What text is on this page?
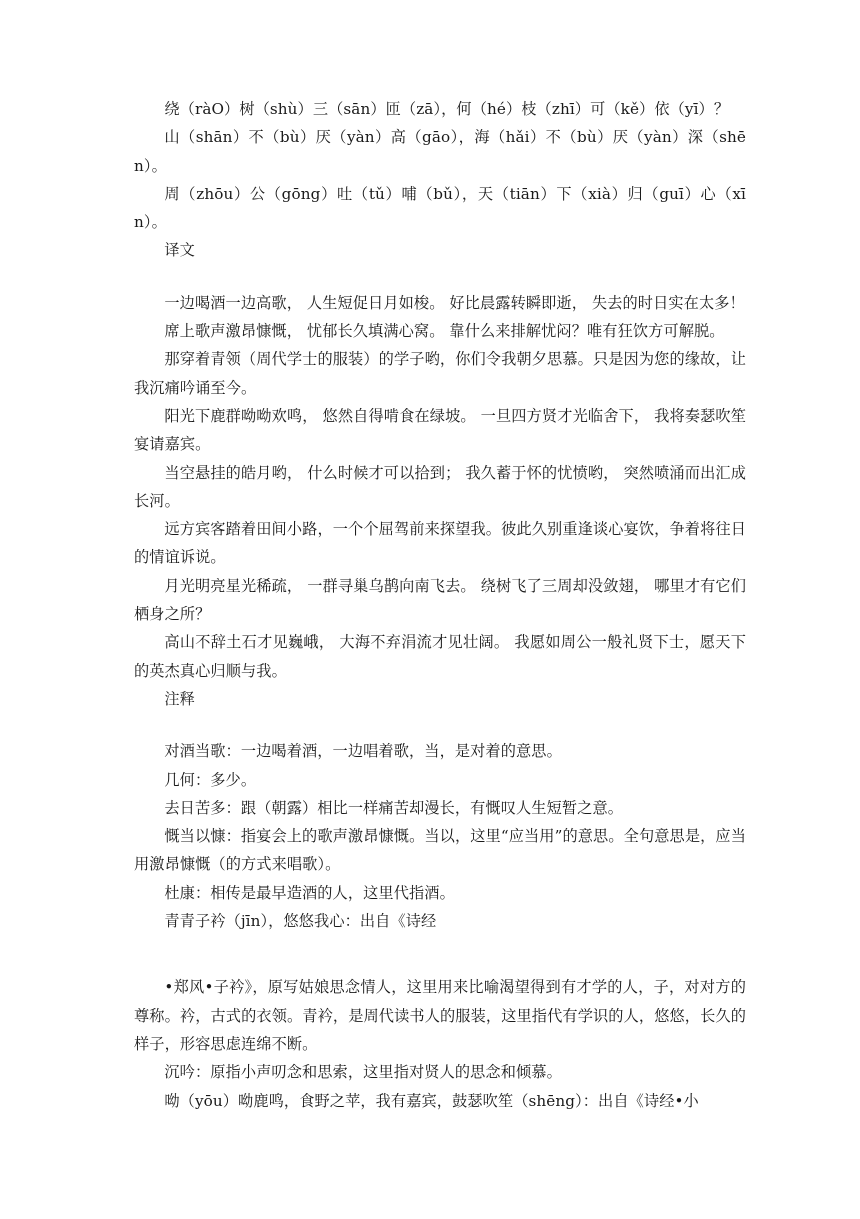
绕（ràO）树（shù）三（sān）匝（zā），何（hé）枝（zhī）可（kě）依（yī）？

山（shān）不（bù）厌（yàn）高（gāo），海（hǎi）不（bù）厌（yàn）深（shēn）。

周（zhōu）公（gōng）吐（tǔ）哺（bǔ），天（tiān）下（xià）归（guī）心（xīn）。

译文

一边喝酒一边高歌， 人生短促日月如梭。 好比晨露转瞬即逝， 失去的时日实在太多！

席上歌声激昂慷慨， 忧郁长久填满心窝。 靠什么来排解忧闷？唯有狂饮方可解脱。

那穿着青领（周代学士的服装）的学子哟，你们令我朝夕思慕。只是因为您的缘故，让我沉痛吟诵至今。

阳光下鹿群呦呦欢鸣， 悠然自得啃食在绿坡。 一旦四方贤才光临舍下， 我将奏瑟吹笙宴请嘉宾。

当空悬挂的皓月哟， 什么时候才可以拾到； 我久蓄于怀的忧愤哟， 突然喷涌而出汇成长河。

远方宾客踏着田间小路，一个个屈驾前来探望我。彼此久别重逢谈心宴饮，争着将往日的情谊诉说。

月光明亮星光稀疏， 一群寻巢乌鹊向南飞去。 绕树飞了三周却没敛翅， 哪里才有它们栖身之所？

高山不辞土石才见巍峨， 大海不弃涓流才见壮阔。 我愿如周公一般礼贤下士，愿天下的英杰真心归顺与我。

注释

对酒当歌：一边喝着酒，一边唱着歌，当，是对着的意思。

几何：多少。

去日苦多：跟（朝露）相比一样痛苦却漫长，有慨叹人生短暂之意。

慨当以慷：指宴会上的歌声激昂慷慨。当以，这里“应当用”的意思。全句意思是，应当用激昂慷慨（的方式来唱歌）。

杜康：相传是最早造酒的人，这里代指酒。

青青子衿（jīn），悠悠我心：出自《诗经

•郑风•子衿》，原写姑娘思念情人，这里用来比喻渴望得到有才学的人，子，对对方的尊称。衿，古式的衣领。青衿，是周代读书人的服装，这里指代有学识的人，悠悠，长久的样子，形容思虑连绵不断。

沉吟：原指小声叨念和思索，这里指对贤人的思念和倾慕。

呦（yōu）呦鹿鸣，食野之苹，我有嘉宾，鼓瑟吹笙（shēng）：出自《诗经•小
